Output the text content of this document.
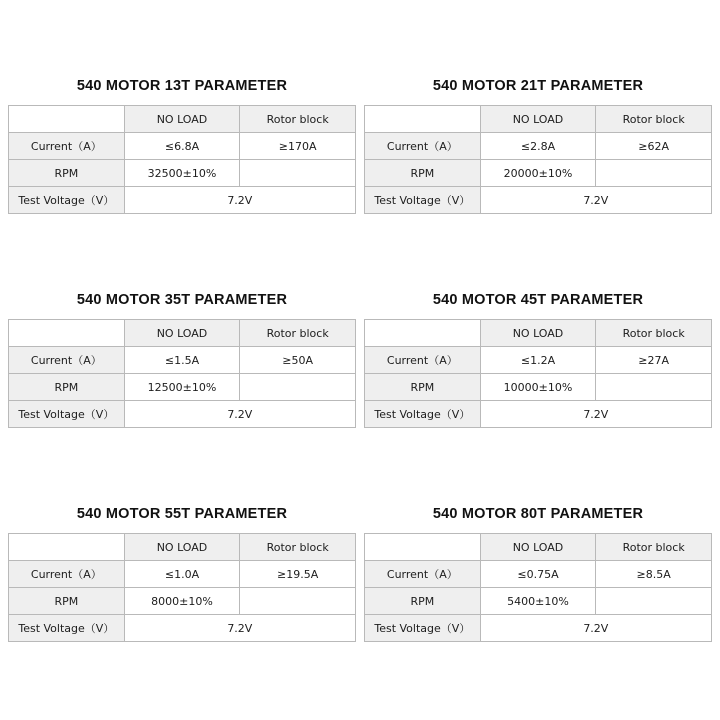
540 MOTOR 13T PARAMETER
	NO LOAD	Rotor block
Current（A）	≤6.8A	≥170A
RPM	32500±10%	
Test Voltage（V）	7.2V	
540 MOTOR 21T PARAMETER
	NO LOAD	Rotor block
Current（A）	≤2.8A	≥62A
RPM	20000±10%	
Test Voltage（V）	7.2V	
540 MOTOR 35T PARAMETER
	NO LOAD	Rotor block
Current（A）	≤1.5A	≥50A
RPM	12500±10%	
Test Voltage（V）	7.2V	
540 MOTOR 45T PARAMETER
	NO LOAD	Rotor block
Current（A）	≤1.2A	≥27A
RPM	10000±10%	
Test Voltage（V）	7.2V	
540 MOTOR 55T PARAMETER
	NO LOAD	Rotor block
Current（A）	≤1.0A	≥19.5A
RPM	8000±10%	
Test Voltage（V）	7.2V	
540 MOTOR 80T PARAMETER
	NO LOAD	Rotor block
Current（A）	≤0.75A	≥8.5A
RPM	5400±10%	
Test Voltage（V）	7.2V	
